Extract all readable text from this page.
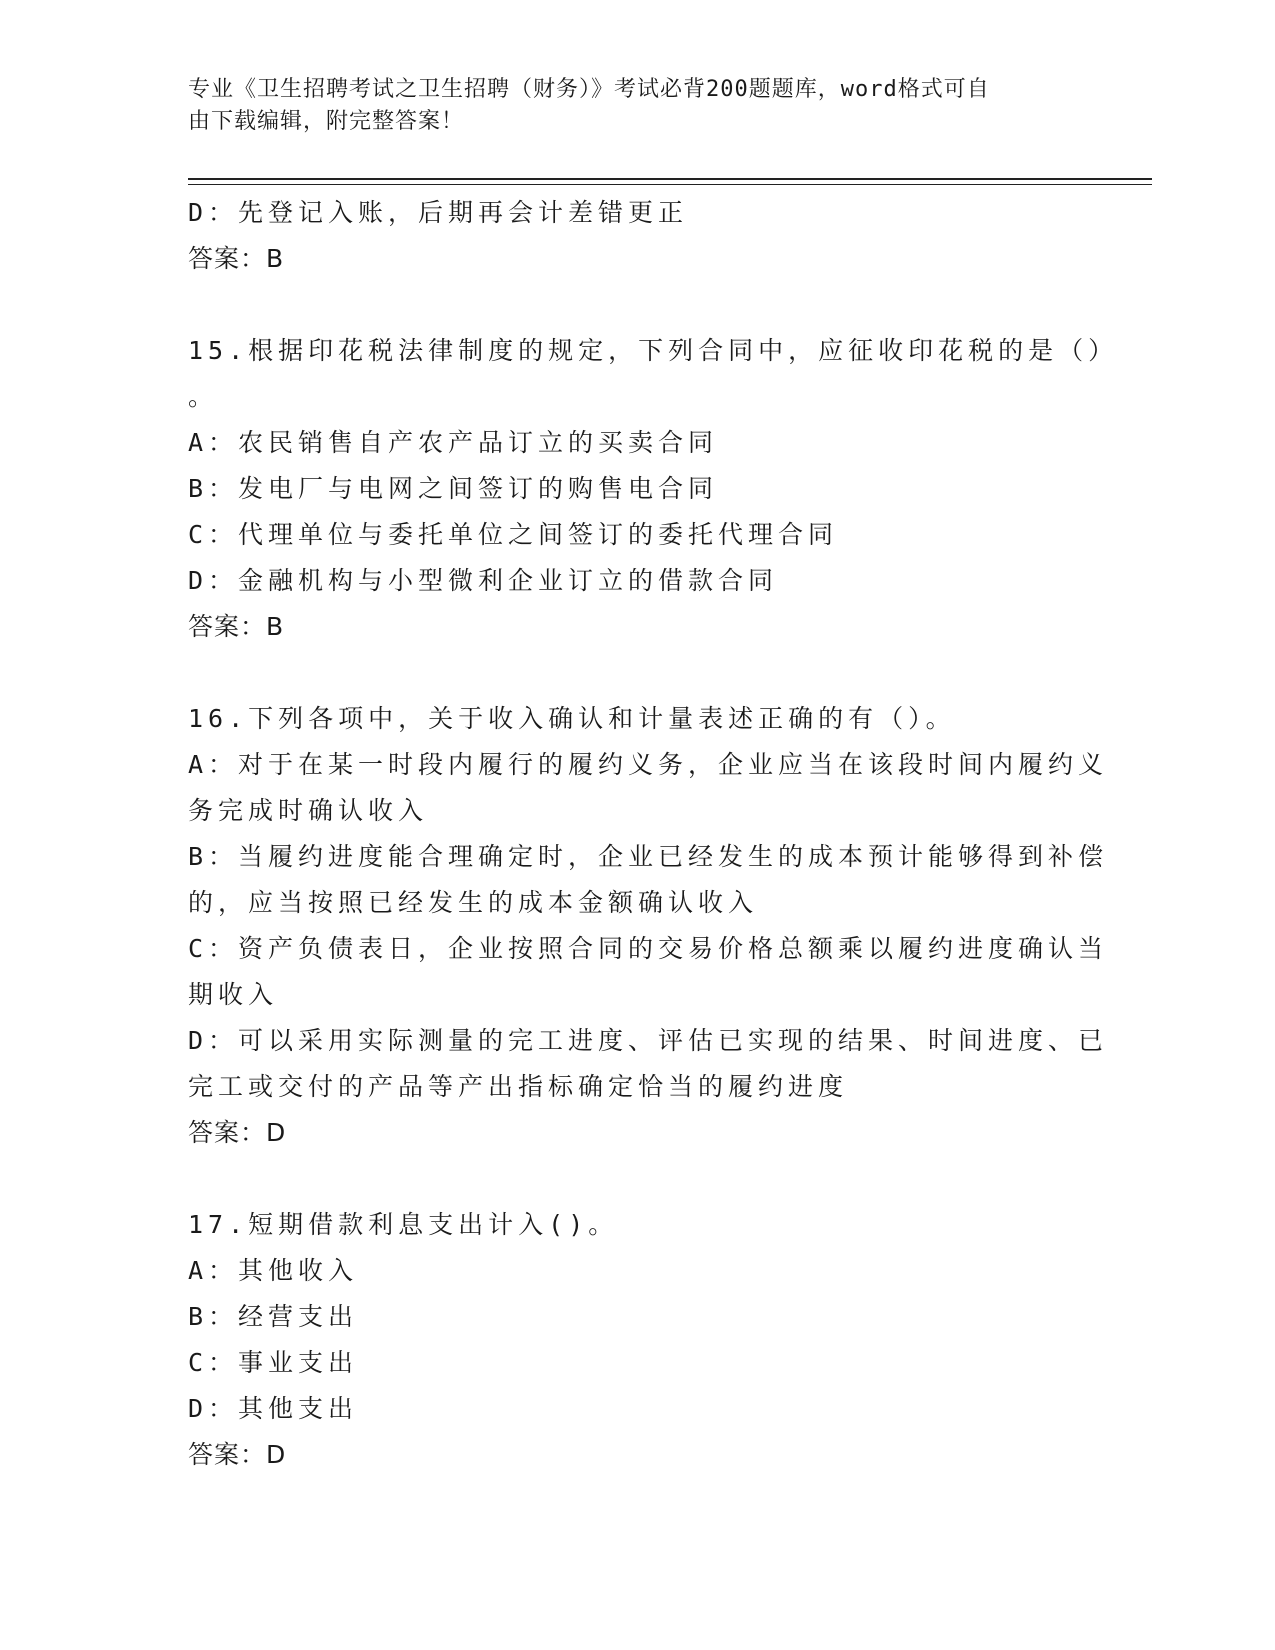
专业《卫生招聘考试之卫生招聘（财务）》考试必背200题题库，word格式可自
由下载编辑，附完整答案！
D：先登记入账，后期再会计差错更正
答案：B
15.根据印花税法律制度的规定，下列合同中，应征收印花税的是（）
。
A：农民销售自产农产品订立的买卖合同
B：发电厂与电网之间签订的购售电合同
C：代理单位与委托单位之间签订的委托代理合同
D：金融机构与小型微利企业订立的借款合同
答案：B
16.下列各项中，关于收入确认和计量表述正确的有（）。
A：对于在某一时段内履行的履约义务，企业应当在该段时间内履约义
务完成时确认收入
B：当履约进度能合理确定时，企业已经发生的成本预计能够得到补偿
的，应当按照已经发生的成本金额确认收入
C：资产负债表日，企业按照合同的交易价格总额乘以履约进度确认当
期收入
D：可以采用实际测量的完工进度、评估已实现的结果、时间进度、已
完工或交付的产品等产出指标确定恰当的履约进度
答案：D
17.短期借款利息支出计入()。
A：其他收入
B：经营支出
C：事业支出
D：其他支出
答案：D
